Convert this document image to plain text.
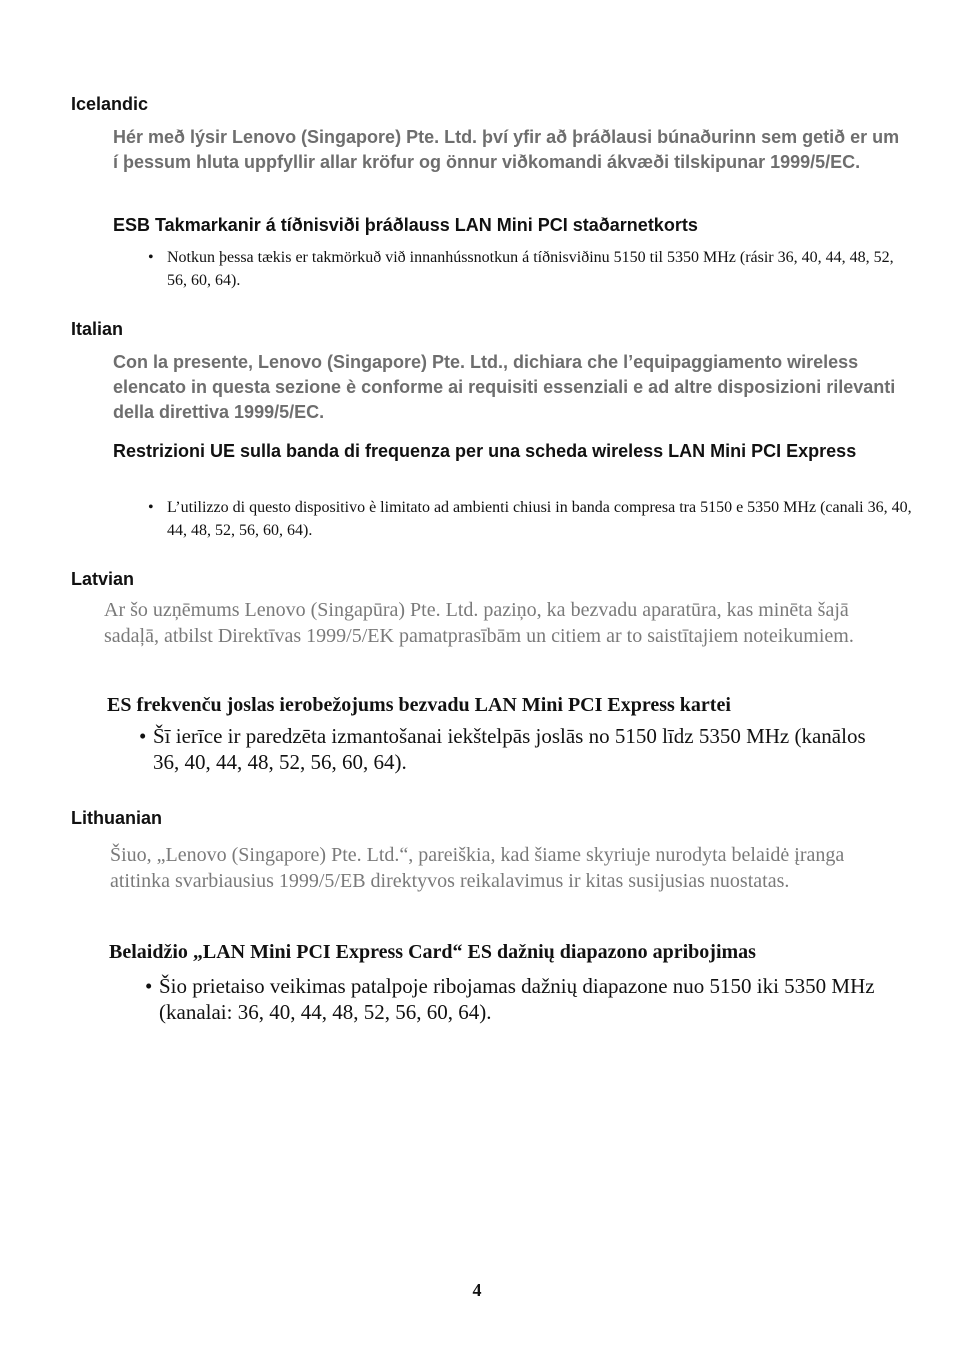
Icelandic

Hér með lýsir Lenovo (Singapore) Pte. Ltd. því yfir að þráðlausi búnaðurinn sem getið er um í þessum hluta uppfyllir allar kröfur og önnur viðkomandi ákvæði tilskipunar 1999/5/EC.

ESB Takmarkanir á tíðnisviði þráðlauss LAN Mini PCI staðarnetkorts
• Notkun þessa tækis er takmörkuð við innanhússnotkun á tíðnisviðinu 5150 til 5350 MHz (rásir 36, 40, 44, 48, 52, 56, 60, 64).
Italian

Con la presente, Lenovo (Singapore) Pte. Ltd., dichiara che l’equipaggiamento wireless elencato in questa sezione è conforme ai requisiti essenziali e ad altre disposizioni rilevanti della direttiva 1999/5/EC.

Restrizioni UE sulla banda di frequenza per una scheda wireless LAN Mini PCI Express
• L’utilizzo di questo dispositivo è limitato ad ambienti chiusi in banda compresa tra 5150 e 5350 MHz (canali 36, 40, 44, 48, 52, 56, 60, 64).
Latvian

Ar šo uzņēmums Lenovo (Singapūra) Pte. Ltd. paziņo, ka bezvadu aparatūra, kas minēta šajā sadaļā, atbilst Direktīvas 1999/5/EK pamatprasībām un citiem ar to saistītajiem noteikumiem.

ES frekvenču joslas ierobežojums bezvadu LAN Mini PCI Express kartei
• Šī ierīce ir paredzēta izmantošanai iekštelpās joslās no 5150 līdz 5350 MHz (kanālos 36, 40, 44, 48, 52, 56, 60, 64).
Lithuanian

Šiuo, „Lenovo (Singapore) Pte. Ltd.“, pareiškia, kad šiame skyriuje nurodyta belaidė įranga atitinka svarbiausius 1999/5/EB direktyvos reikalavimus ir kitas susijusias nuostatas.

Belaidžio „LAN Mini PCI Express Card“ ES dažnių diapazono apribojimas
• Šio prietaiso veikimas patalpoje ribojamas dažnių diapazone nuo 5150 iki 5350 MHz (kanalai: 36, 40, 44, 48, 52, 56, 60, 64).
4
